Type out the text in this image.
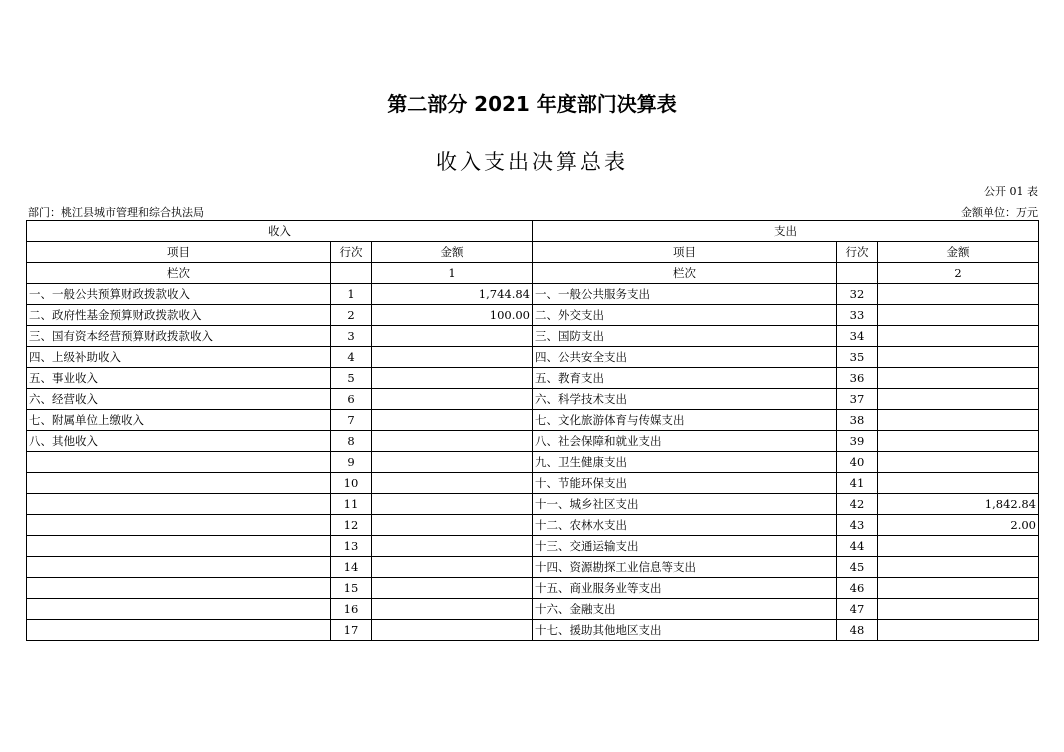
第二部分 2021 年度部门决算表
收入支出决算总表
公开 01 表
部门：桃江县城市管理和综合执法局	金额单位：万元
收入			支出		
项目	行次	金额	项目	行次	金额
栏次		1	栏次		2
一、一般公共预算财政拨款收入	1	1,744.84	一、一般公共服务支出	32	
二、政府性基金预算财政拨款收入	2	100.00	二、外交支出	33	
三、国有资本经营预算财政拨款收入	3		三、国防支出	34	
四、上级补助收入	4		四、公共安全支出	35	
五、事业收入	5		五、教育支出	36	
六、经营收入	6		六、科学技术支出	37	
七、附属单位上缴收入	7		七、文化旅游体育与传媒支出	38	
八、其他收入	8		八、社会保障和就业支出	39	
	9		九、卫生健康支出	40	
	10		十、节能环保支出	41	
	11		十一、城乡社区支出	42	1,842.84
	12		十二、农林水支出	43	2.00
	13		十三、交通运输支出	44	
	14		十四、资源勘探工业信息等支出	45	
	15		十五、商业服务业等支出	46	
	16		十六、金融支出	47	
	17		十七、援助其他地区支出	48	
